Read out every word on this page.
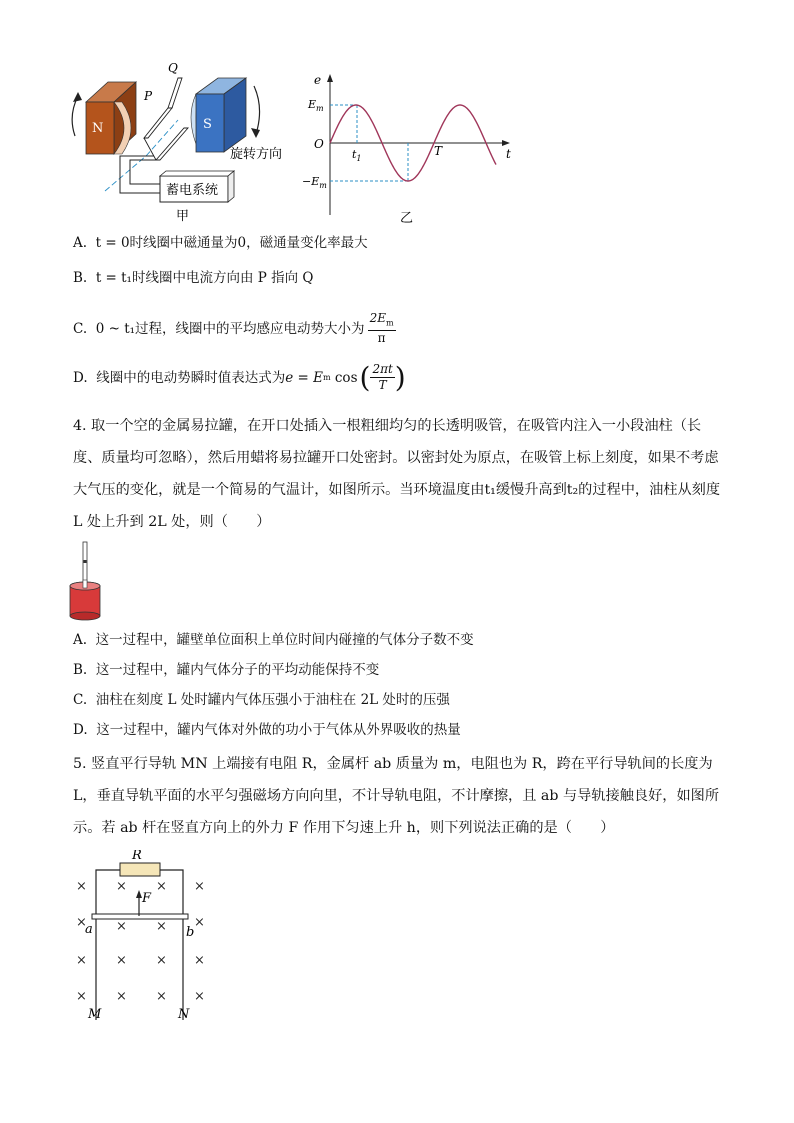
N
P
Q
S
旋转方向
蓄电系统
甲
e
t
O
$E_m$
$-E_m$
$t_1$
T
乙
A. t = 0时线圈中磁通量为0，磁通量变化率最大
B. t = t₁时线圈中电流方向由 P 指向 Q
C.
0 ~ t₁过程，线圈中的平均感应电动势大小为
$2E_m$
π
D.
线圈中的电动势瞬时值表达式为 e = E m
cos ( 2πt
T )
4. 取一个空的金属易拉罐，在开口处插入一根粗细均匀的长透明吸管，在吸管内注入一小段油柱（长度、质量均可忽略），然后用蜡将易拉罐开口处密封。以密封处为原点，在吸管上标上刻度，如果不考虑大气压的变化，就是一个简易的气温计，如图所示。当环境温度由t₁缓慢升高到t₂的过程中，油柱从刻度 L 处上升到 2L 处，则（　　）
A. 这一过程中，罐壁单位面积上单位时间内碰撞的气体分子数不变
B. 这一过程中，罐内气体分子的平均动能保持不变
C. 油柱在刻度 L 处时罐内气体压强小于油柱在 2L 处时的压强
D. 这一过程中，罐内气体对外做的功小于气体从外界吸收的热量
5. 竖直平行导轨 MN 上端接有电阻 R，金属杆 ab 质量为 m，电阻也为 R，跨在平行导轨间的长度为 L，垂直导轨平面的水平匀强磁场方向向里，不计导轨电阻，不计摩擦，且 ab 与导轨接触良好，如图所示。若 ab 杆在竖直方向上的外力 F 作用下匀速上升 h，则下列说法正确的是（　　）
R
F
× × × ×
× × × ×
× × × ×
× × × ×
a	b
M	N
